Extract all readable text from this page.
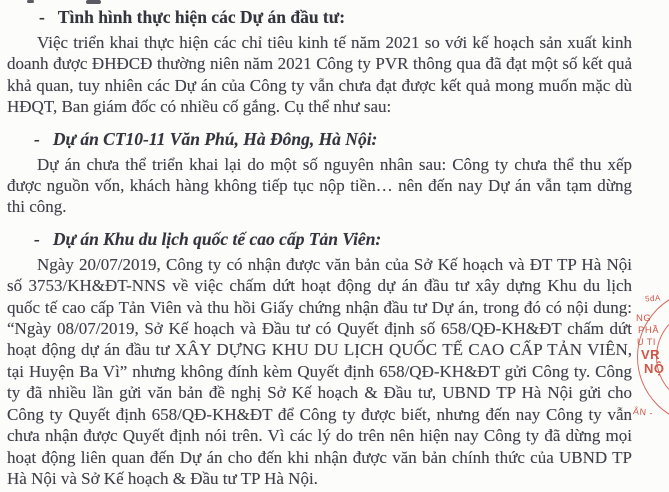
- Tình hình thực hiện các Dự án đầu tư:

Việc triển khai thực hiện các chỉ tiêu kinh tế năm 2021 so với kế hoạch sản xuất kinh doanh được ĐHĐCĐ thường niên năm 2021 Công ty PVR thông qua đã đạt một số kết quả khả quan, tuy nhiên các Dự án của Công ty vẫn chưa đạt được kết quả mong muốn mặc dù HĐQT, Ban giám đốc có nhiều cố gắng. Cụ thể như sau:

- Dự án CT10-11 Văn Phú, Hà Đông, Hà Nội:

Dự án chưa thể triển khai lại do một số nguyên nhân sau: Công ty chưa thể thu xếp được nguồn vốn, khách hàng không tiếp tục nộp tiền… nên đến nay Dự án vẫn tạm dừng thi công.

- Dự án Khu du lịch quốc tế cao cấp Tản Viên:

Ngày 20/07/2019, Công ty có nhận được văn bản của Sở Kế hoạch và ĐT TP Hà Nội số 3753/KH&ĐT-NNS về việc chấm dứt hoạt động dự án đầu tư xây dựng Khu du lịch quốc tế cao cấp Tản Viên và thu hồi Giấy chứng nhận đầu tư Dự án, trong đó có nội dung: “Ngày 08/07/2019, Sở Kế hoạch và Đầu tư có Quyết định số 658/QĐ-KH&ĐT chấm dứt hoạt động dự án đầu tư XÂY DỰNG KHU DU LỊCH QUỐC TẾ CAO CẤP TẢN VIÊN, tại Huyện Ba Vì” nhưng không đính kèm Quyết định 658/QĐ-KH&ĐT gửi Công ty. Công ty đã nhiều lần gửi văn bản đề nghị Sở Kế hoạch & Đầu tư, UBND TP Hà Nội gửi cho Công ty Quyết định 658/QĐ-KH&ĐT để Công ty được biết, nhưng đến nay Công ty vẫn chưa nhận được Quyết định nói trên. Vì các lý do trên nên hiện nay Công ty đã dừng mọi hoạt động liên quan đến Dự án cho đến khi nhận được văn bản chính thức của UBND TP Hà Nội và Sở Kế hoạch & Đầu tư TP Hà Nội.

5đA
NG
PHẦ
U TI
VR
NỘ
ÂN -
